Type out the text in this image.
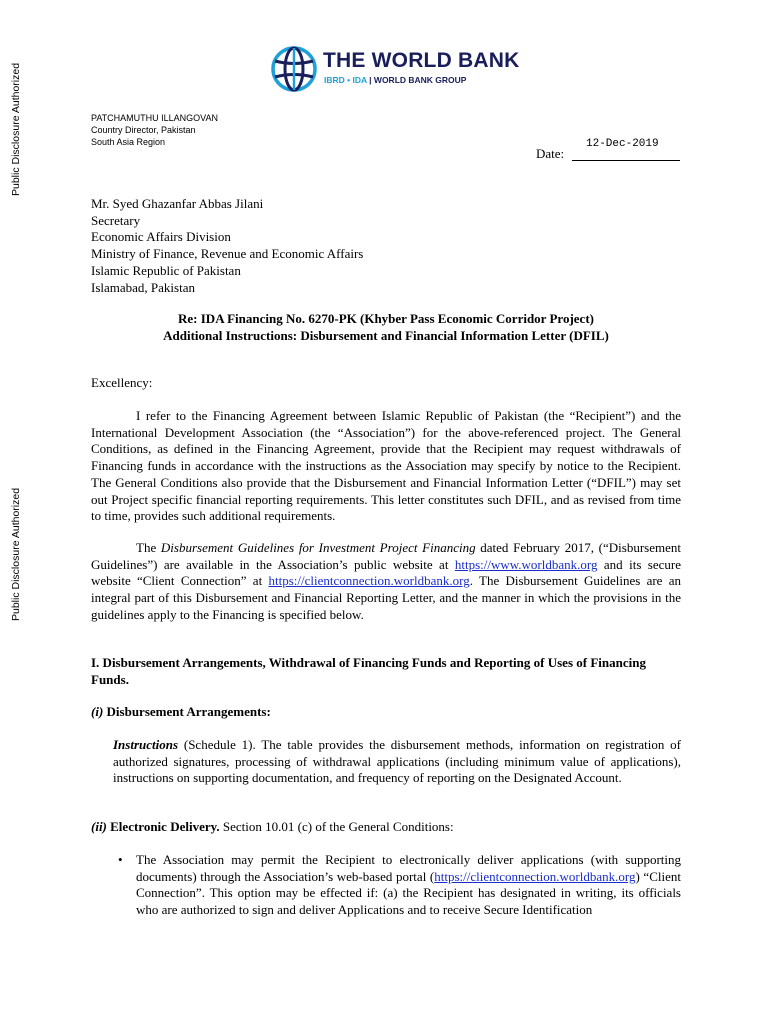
Public Disclosure Authorized
Public Disclosure Authorized
THE WORLD BANK
IBRD • IDA | WORLD BANK GROUP
PATCHAMUTHU ILLANGOVAN
Country Director, Pakistan
South Asia Region
Date:
12-Dec-2019
Mr. Syed Ghazanfar Abbas Jilani
Secretary
Economic Affairs Division
Ministry of Finance, Revenue and Economic Affairs
Islamic Republic of Pakistan
Islamabad, Pakistan
Re: IDA Financing No. 6270-PK (Khyber Pass Economic Corridor Project)
Additional Instructions: Disbursement and Financial Information Letter (DFIL)
Excellency:

I refer to the Financing Agreement between Islamic Republic of Pakistan (the “Recipient”) and the International Development Association (the “Association”) for the above-referenced project. The General Conditions, as defined in the Financing Agreement, provide that the Recipient may request withdrawals of Financing funds in accordance with the instructions as the Association may specify by notice to the Recipient. The General Conditions also provide that the Disbursement and Financial Information Letter (“DFIL”) may set out Project specific financial reporting requirements. This letter constitutes such DFIL, and as revised from time to time, provides such additional requirements.

The Disbursement Guidelines for Investment Project Financing dated February 2017, (“Disbursement Guidelines”) are available in the Association’s public website at https://www.worldbank.org and its secure website “Client Connection” at https://clientconnection.worldbank.org. The Disbursement Guidelines are an integral part of this Disbursement and Financial Reporting Letter, and the manner in which the provisions in the guidelines apply to the Financing is specified below.

I. Disbursement Arrangements, Withdrawal of Financing Funds and Reporting of Uses of Financing Funds.

(i) Disbursement Arrangements:

Instructions (Schedule 1). The table provides the disbursement methods, information on registration of authorized signatures, processing of withdrawal applications (including minimum value of applications), instructions on supporting documentation, and frequency of reporting on the Designated Account.

(ii) Electronic Delivery. Section 10.01 (c) of the General Conditions:

• The Association may permit the Recipient to electronically deliver applications (with supporting documents) through the Association’s web-based portal (https://clientconnection.worldbank.org) “Client Connection”. This option may be effected if: (a) the Recipient has designated in writing, its officials who are authorized to sign and deliver Applications and to receive Secure Identification
